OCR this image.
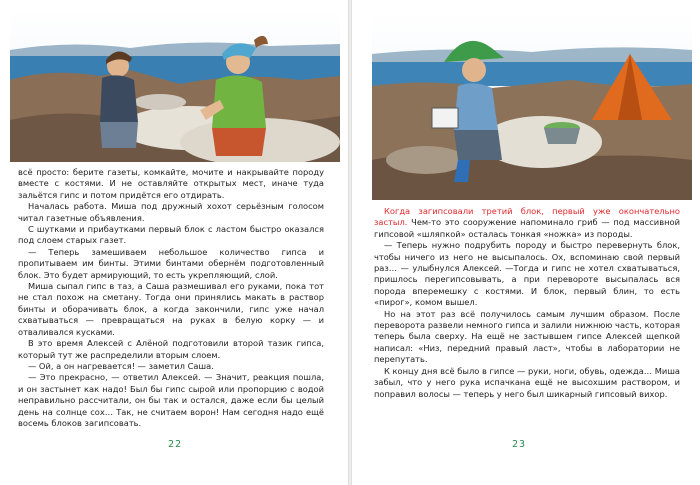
всё просто: берите газеты, комкайте, мочите и накрывайте породу вместе с костями. И не оставляйте открытых мест, иначе туда зальётся гипс и потом придётся его отдирать.

Началась работа. Миша под дружный хохот серьёзным голосом читал газетные объявления.

С шутками и прибаутками первый блок с ластом быстро оказался под слоем старых газет.

— Теперь замешиваем небольшое количество гипса и пропитываем им бинты. Этими бинтами обернём подготовленный блок. Это будет армирующий, то есть укрепляющий, слой.

Миша сыпал гипс в таз, а Саша размешивал его руками, пока тот не стал похож на сметану. Тогда они принялись макать в раствор бинты и оборачивать блок, а когда закончили, гипс уже начал схватываться — превращаться на руках в белую корку — и отваливался кусками.

В это время Алексей с Алёной подготовили второй тазик гипса, который тут же распределили вторым слоем.

— Ой, а он нагревается! — заметил Саша.

— Это прекрасно, — ответил Алексей. — Значит, реакция пошла, и он застынет как надо! Был бы гипс сырой или пропорцию с водой неправильно рассчитали, он бы так и остался, даже если бы целый день на солнце сох… Так, не считаем ворон! Нам сегодня надо ещё восемь блоков загипсовать.

22

Когда загипсовали третий блок, первый уже окончательно застыл. Чем-то это сооружение напоминало гриб — под массивной гипсовой «шляпкой» осталась тонкая «ножка» из породы.

— Теперь нужно подрубить породу и быстро перевернуть блок, чтобы ничего из него не высыпалось. Ох, вспоминаю свой первый раз… — улыбнулся Алексей. —Тогда и гипс не хотел схватываться, пришлось перегипсовывать, а при перевороте высыпалась вся порода вперемешку с костями. И блок, первый блин, то есть «пирог», комом вышел.

Но на этот раз всё получилось самым лучшим образом. После переворота развели немного гипса и залили нижнюю часть, которая теперь была сверху. На ещё не застывшем гипсе Алексей щепкой написал: «Низ, передний правый ласт», чтобы в лаборатории не перепутать.

К концу дня всё было в гипсе — руки, ноги, обувь, одежда… Миша забыл, что у него рука испачкана ещё не высохшим раствором, и поправил волосы — теперь у него был шикарный гипсовый вихор.

23
